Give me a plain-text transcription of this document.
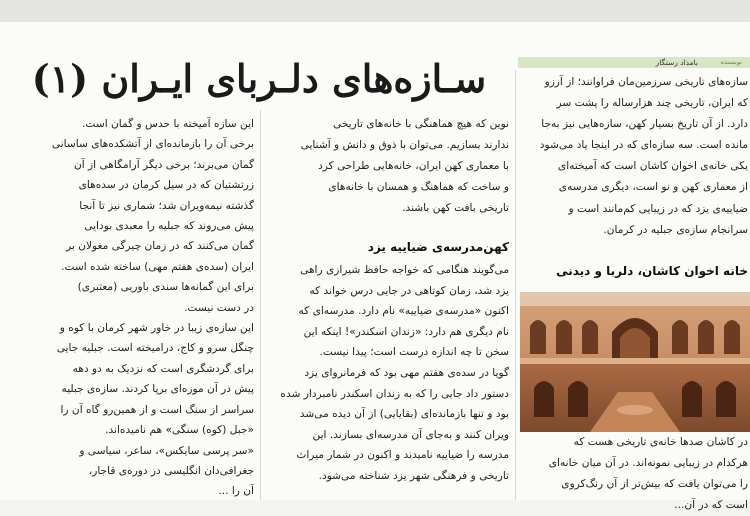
سـازه‌های دلـربای ایـران (۱)	بامداد رستگار	نویسنده

سازه‌های تاریخی سرزمین‌مان فراوانند؛ از آرزو

که ایران، تاریخی چند هزارساله را پشت سر

دارد. از آن تاریخ بسیار کهن، سازه‌هایی نیز به‌جا

مانده است. سه سازه‌ای که در اینجا یاد می‌شود

یکی خانه‌ی اخوان کاشان است که آمیخته‌ای

از معماری کهن و نو است، دیگری مدرسه‌ی

ضیاییه‌ی یزد که در زیبایی کم‌مانند است و

سرانجام سازه‌ی جبلیه در کرمان.

خانه اخوان کاشان، دلربا و دیدنی

در کاشان صدها خانه‌ی تاریخی هست که

هرکدام در زیبایی نمونه‌اند. در آن میان خانه‌ای

را می‌توان یافت که بیش‌تر از آن رنگ‌کروی

است که در آن...

نوین که هیچ هماهنگی با خانه‌های تاریخی

ندارند بسازیم. می‌توان با ذوق و دانش و آشنایی

با معماری کهن ایران، خانه‌هایی طراحی کرد

و ساخت که هماهنگ و همسان با خانه‌های

تاریخی بافت کهن باشند.

کهن‌مدرسه‌ی ضیاییه یزد

می‌گویند هنگامی که خواجه حافظ شیرازی راهی

یزد شد، زمان کوتاهی در جایی درس خواند که

اکنون «مدرسه‌ی ضیاییه» نام دارد. مدرسه‌ای که

نام دیگری هم دارد: «زندان اسکندر»! اینکه این

سخن تا چه اندازه درست است؛ پیدا نیست.

گویا در سده‌ی هفتم مهی بود که فرمانروای یزد

دستور داد جایی را که به زندان اسکندر نامبردار شده

بود و تنها بازمانده‌ای (بقایایی) از آن دیده می‌شد

ویران کنند و به‌جای آن مدرسه‌ای بسازند. این

مدرسه را ضیاییه نامیدند و اکنون در شمار میراث

تاریخی و فرهنگی شهر یزد شناخته می‌شود.

این سازه آمیخته با حدس و گمان است.

برخی آن را بازمانده‌ای از آتشکده‌های ساسانی

گمان می‌برند؛ برخی دیگر آرامگاهی از آن

زرتشتیان که در سیل کرمان در سده‌های

گذشته نیمه‌ویران شد؛ شماری نیز تا آنجا

پیش می‌روند که جبلیه را معبدی بودایی

گمان می‌کنند که در زمان چیرگی مغولان بر

ایران (سده‌ی هفتم مهی) ساخته شده است.

برای این گمانه‌ها سندی باوریی (معتبری)

در دست نیست.

این سازه‌ی زیبا در خاور شهر کرمان با کوه و

چنگل سرو و کاج، درامیخته است. جبلیه جایی

برای گردشگری است که نزدیک به دو دهه

پیش در آن موزه‌ای برپا کردند. سازه‌ی جبلیه

سراسر از سنگ است و از همین‌رو گاه آن را

«جبل (کوه) سنگی» هم نامیده‌اند.

«سر پرسی سایکس»، ساعر، سیاسی و

جغرافی‌دان انگلیسی در دوره‌ی قاجار،

آن را ...
